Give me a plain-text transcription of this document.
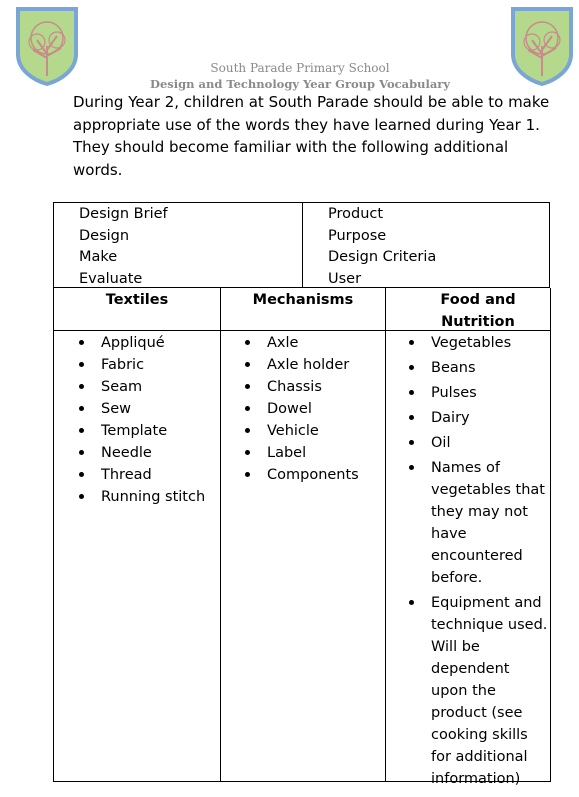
South Parade Primary School
Design and Technology Year Group Vocabulary

During Year 2, children at South Parade should be able to make appropriate use of the words they have learned during Year 1. They should become familiar with the following additional words.

Design Brief
Design
Make
Evaluate
Product
Purpose
Design Criteria
User
Textiles	Mechanisms	Food and Nutrition
Appliqué
Fabric
Seam
Sew
Template
Needle
Thread
Running stitch
Axle
Axle holder
Chassis
Dowel
Vehicle
Label
Components
Vegetables
Beans
Pulses
Dairy
Oil
Names of vegetables that they may not have encountered before.
Equipment and technique used. Will be dependent upon the product (see cooking skills for additional information)
